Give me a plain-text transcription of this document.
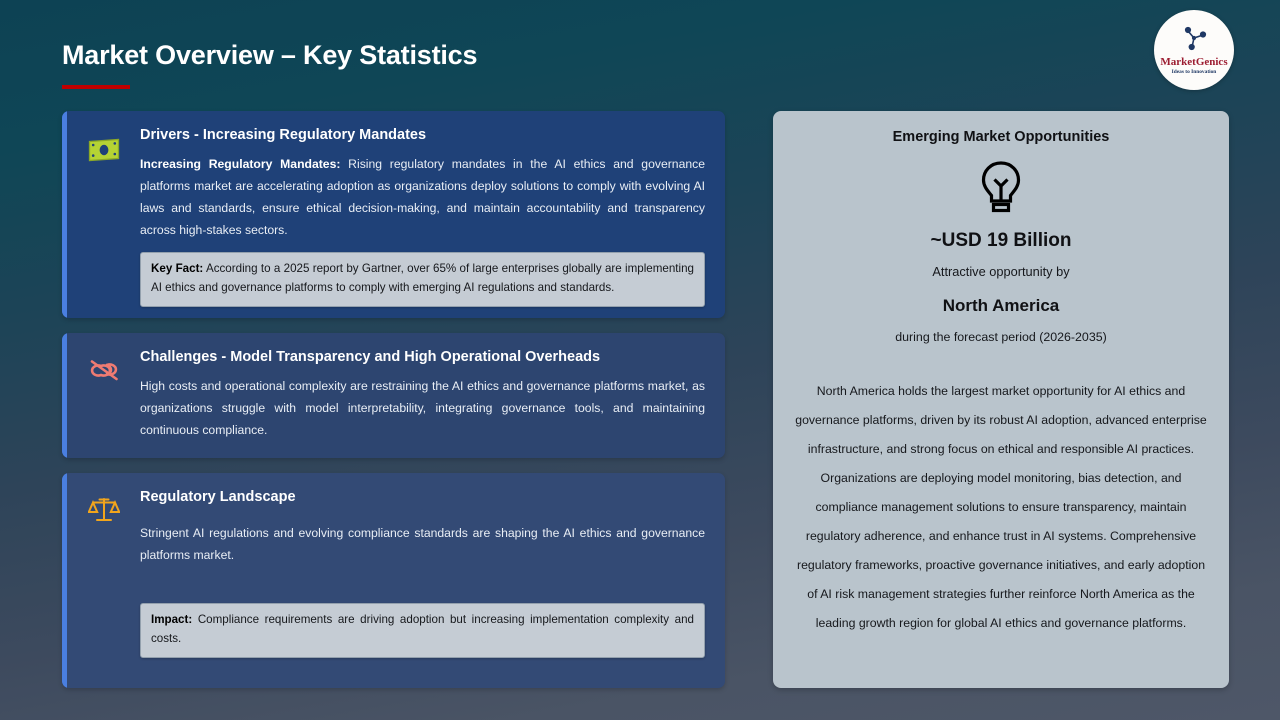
Market Overview – Key Statistics	MarketGenics
Ideas to Innovation
Drivers - Increasing Regulatory Mandates
Increasing Regulatory Mandates: Rising regulatory mandates in the AI ethics and governance platforms market are accelerating adoption as organizations deploy solutions to comply with evolving AI laws and standards, ensure ethical decision-making, and maintain accountability and transparency across high-stakes sectors.
Key Fact: According to a 2025 report by Gartner, over 65% of large enterprises globally are implementing AI ethics and governance platforms to comply with emerging AI regulations and standards.
Challenges - Model Transparency and High Operational Overheads
High costs and operational complexity are restraining the AI ethics and governance platforms market, as organizations struggle with model interpretability, integrating governance tools, and maintaining continuous compliance.
Regulatory Landscape
Stringent AI regulations and evolving compliance standards are shaping the AI ethics and governance platforms market.
Impact: Compliance requirements are driving adoption but increasing implementation complexity and costs.
Emerging Market Opportunities
~USD 19 Billion
Attractive opportunity by
North America
during the forecast period (2026-2035)
North America holds the largest market opportunity for AI ethics and governance platforms, driven by its robust AI adoption, advanced enterprise infrastructure, and strong focus on ethical and responsible AI practices. Organizations are deploying model monitoring, bias detection, and compliance management solutions to ensure transparency, maintain regulatory adherence, and enhance trust in AI systems. Comprehensive regulatory frameworks, proactive governance initiatives, and early adoption of AI risk management strategies further reinforce North America as the leading growth region for global AI ethics and governance platforms.
